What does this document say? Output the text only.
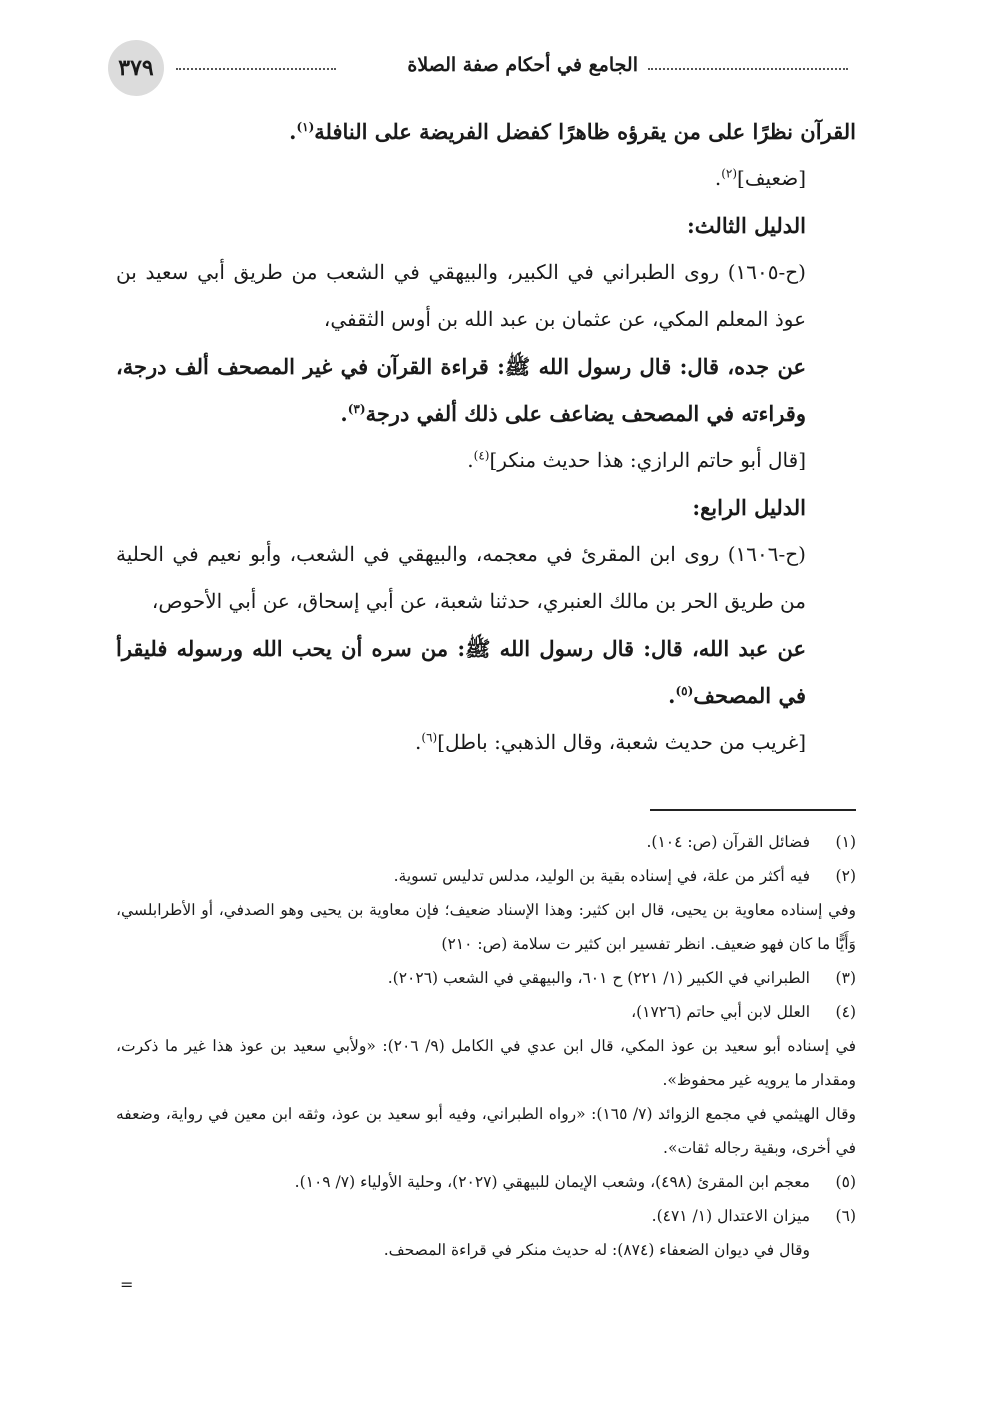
٣٧٩	الجامع في أحكام صفة الصلاة

القرآن نظرًا على من يقرؤه ظاهرًا كفضل الفريضة على النافلة$^{(١)}$.

[ضعيف]$^{(٢)}$.

الدليل الثالث:

(ح-١٦٠٥) روى الطبراني في الكبير، والبيهقي في الشعب من طريق أبي سعيد بن عوذ المعلم المكي، عن عثمان بن عبد الله بن أوس الثقفي،

عن جده، قال: قال رسول الله ﷺ: قراءة القرآن في غير المصحف ألف درجة، وقراءته في المصحف يضاعف على ذلك ألفي درجة$^{(٣)}$.

[قال أبو حاتم الرازي: هذا حديث منكر]$^{(٤)}$.

الدليل الرابع:

(ح-١٦٠٦) روى ابن المقرئ في معجمه، والبيهقي في الشعب، وأبو نعيم في الحلية من طريق الحر بن مالك العنبري، حدثنا شعبة، عن أبي إسحاق، عن أبي الأحوص،

عن عبد الله، قال: قال رسول الله ﷺ: من سره أن يحب الله ورسوله فليقرأ في المصحف$^{(٥)}$.

[غريب من حديث شعبة، وقال الذهبي: باطل]$^{(٦)}$.

(١)
فضائل القرآن (ص: ١٠٤).
(٢)
فيه أكثر من علة، في إسناده بقية بن الوليد، مدلس تدليس تسوية.
وفي إسناده معاوية بن يحيى، قال ابن كثير: وهذا الإسناد ضعيف؛ فإن معاوية بن يحيى وهو الصدفي، أو الأطرابلسي، وَأَيًّا ما كان فهو ضعيف. انظر تفسير ابن كثير ت سلامة (ص: ٢١٠)
(٣)
الطبراني في الكبير (١/ ٢٢١) ح ٦٠١، والبيهقي في الشعب (٢٠٢٦).
(٤)
العلل لابن أبي حاتم (١٧٢٦)،
في إسناده أبو سعيد بن عوذ المكي، قال ابن عدي في الكامل (٩/ ٢٠٦): «ولأبي سعيد بن عوذ هذا غير ما ذكرت، ومقدار ما يرويه غير محفوظ».
وقال الهيثمي في مجمع الزوائد (٧/ ١٦٥): «رواه الطبراني، وفيه أبو سعيد بن عوذ، وثقه ابن معين في رواية، وضعفه في أخرى، وبقية رجاله ثقات».
(٥)
معجم ابن المقرئ (٤٩٨)، وشعب الإيمان للبيهقي (٢٠٢٧)، وحلية الأولياء (٧/ ١٠٩).
(٦)
ميزان الاعتدال (١/ ٤٧١).
وقال في ديوان الضعفاء (٨٧٤): له حديث منكر في قراءة المصحف.
=
